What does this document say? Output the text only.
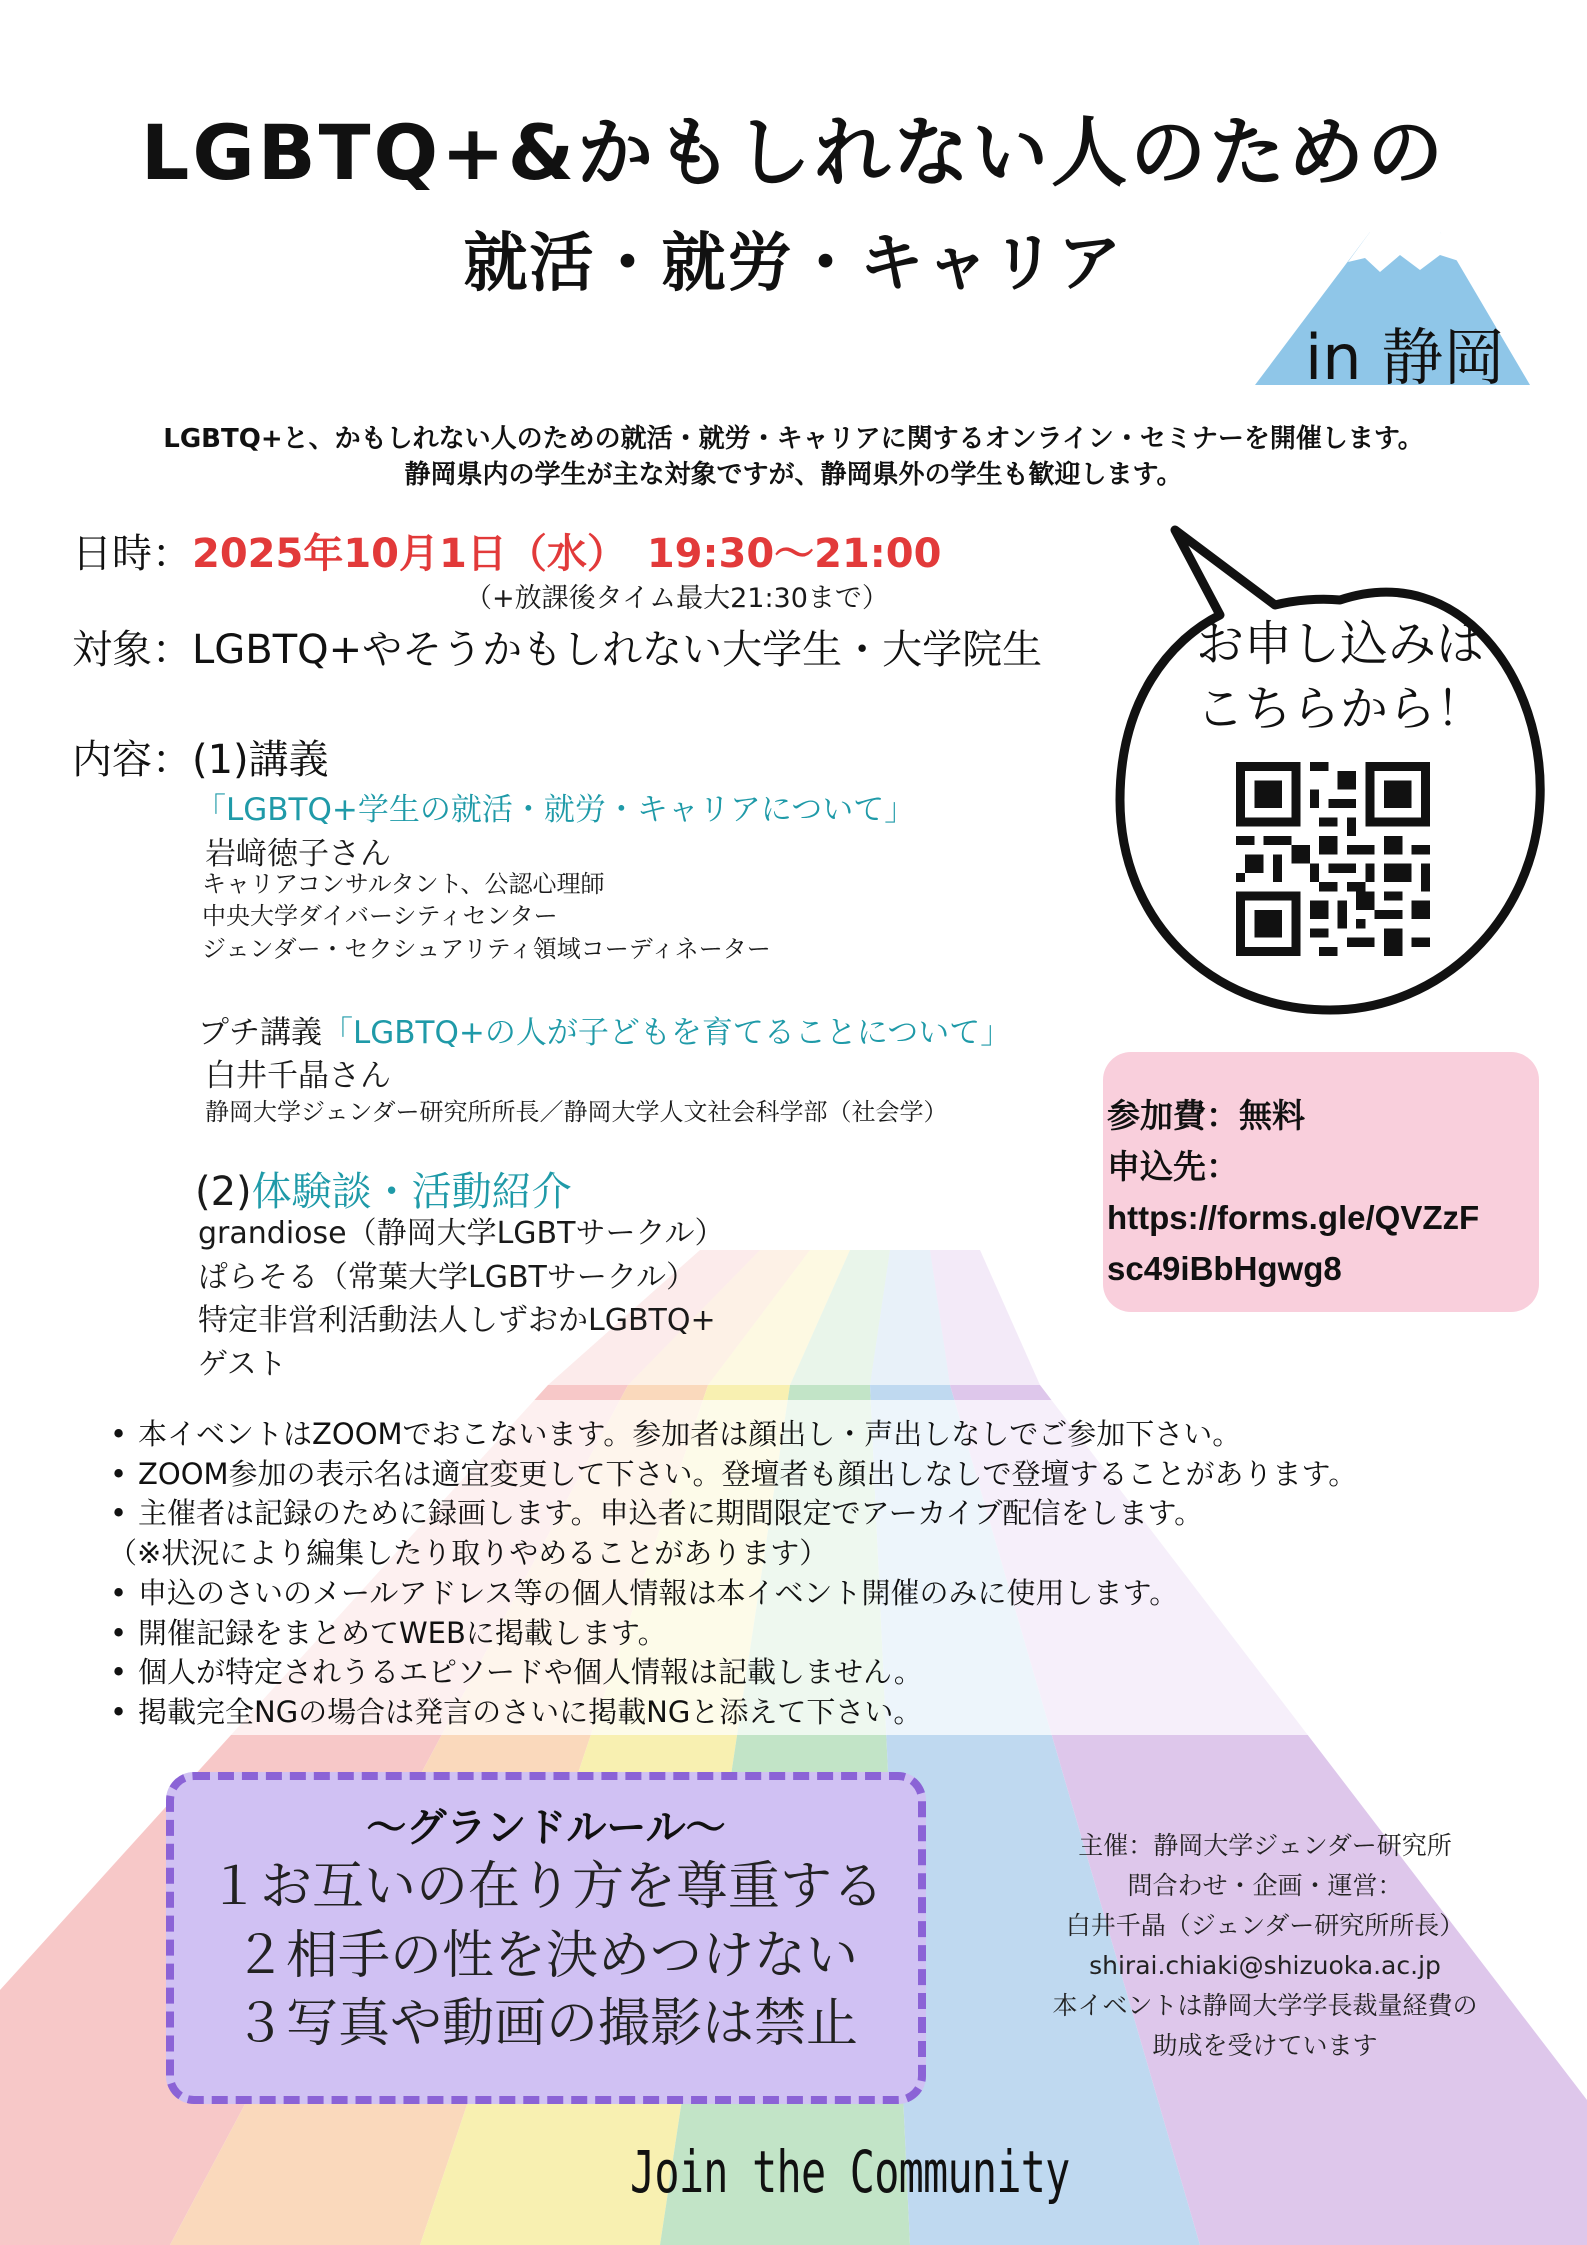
LGBTQ+&かもしれない人のための
就活・就労・キャリア
in 静岡
LGBTQ+と、かもしれない人のための就活・就労・キャリアに関するオンライン・セミナーを開催します。
静岡県内の学生が主な対象ですが、静岡県外の学生も歓迎します。
日時：2025年10月1日（水）　19:30～21:00
（+放課後タイム最大21:30まで）
対象：LGBTQ+やそうかもしれない大学生・大学院生
内容：(1)講義
「LGBTQ+学生の就活・就労・キャリアについて」
岩﨑徳子さん
キャリアコンサルタント、公認心理師
中央大学ダイバーシティセンター
ジェンダー・セクシュアリティ領域コーディネーター
プチ講義「LGBTQ+の人が子どもを育てることについて」
白井千晶さん
静岡大学ジェンダー研究所所長／静岡大学人文社会科学部（社会学）
(2)体験談・活動紹介
grandiose（静岡大学LGBTサークル）
ぱらそる（常葉大学LGBTサークル）
特定非営利活動法人しずおかLGBTQ+
ゲスト
お申し込みは
こちらから！
参加費：無料
申込先：
https://forms.gle/QVZzF
sc49iBbHgwg8
• 本イベントはZOOMでおこないます。参加者は顔出し・声出しなしでご参加下さい。
• ZOOM参加の表示名は適宜変更して下さい。登壇者も顔出しなしで登壇することがあります。
• 主催者は記録のために録画します。申込者に期間限定でアーカイブ配信をします。
（※状況により編集したり取りやめることがあります）
• 申込のさいのメールアドレス等の個人情報は本イベント開催のみに使用します。
• 開催記録をまとめてWEBに掲載します。
• 個人が特定されうるエピソードや個人情報は記載しません。
• 掲載完全NGの場合は発言のさいに掲載NGと添えて下さい。
～グランドルール～
１お互いの在り方を尊重する
２相手の性を決めつけない
３写真や動画の撮影は禁止
主催：静岡大学ジェンダー研究所
問合わせ・企画・運営：
白井千晶（ジェンダー研究所所長）
shirai.chiaki@shizuoka.ac.jp
本イベントは静岡大学学長裁量経費の
助成を受けています
Join the Community
